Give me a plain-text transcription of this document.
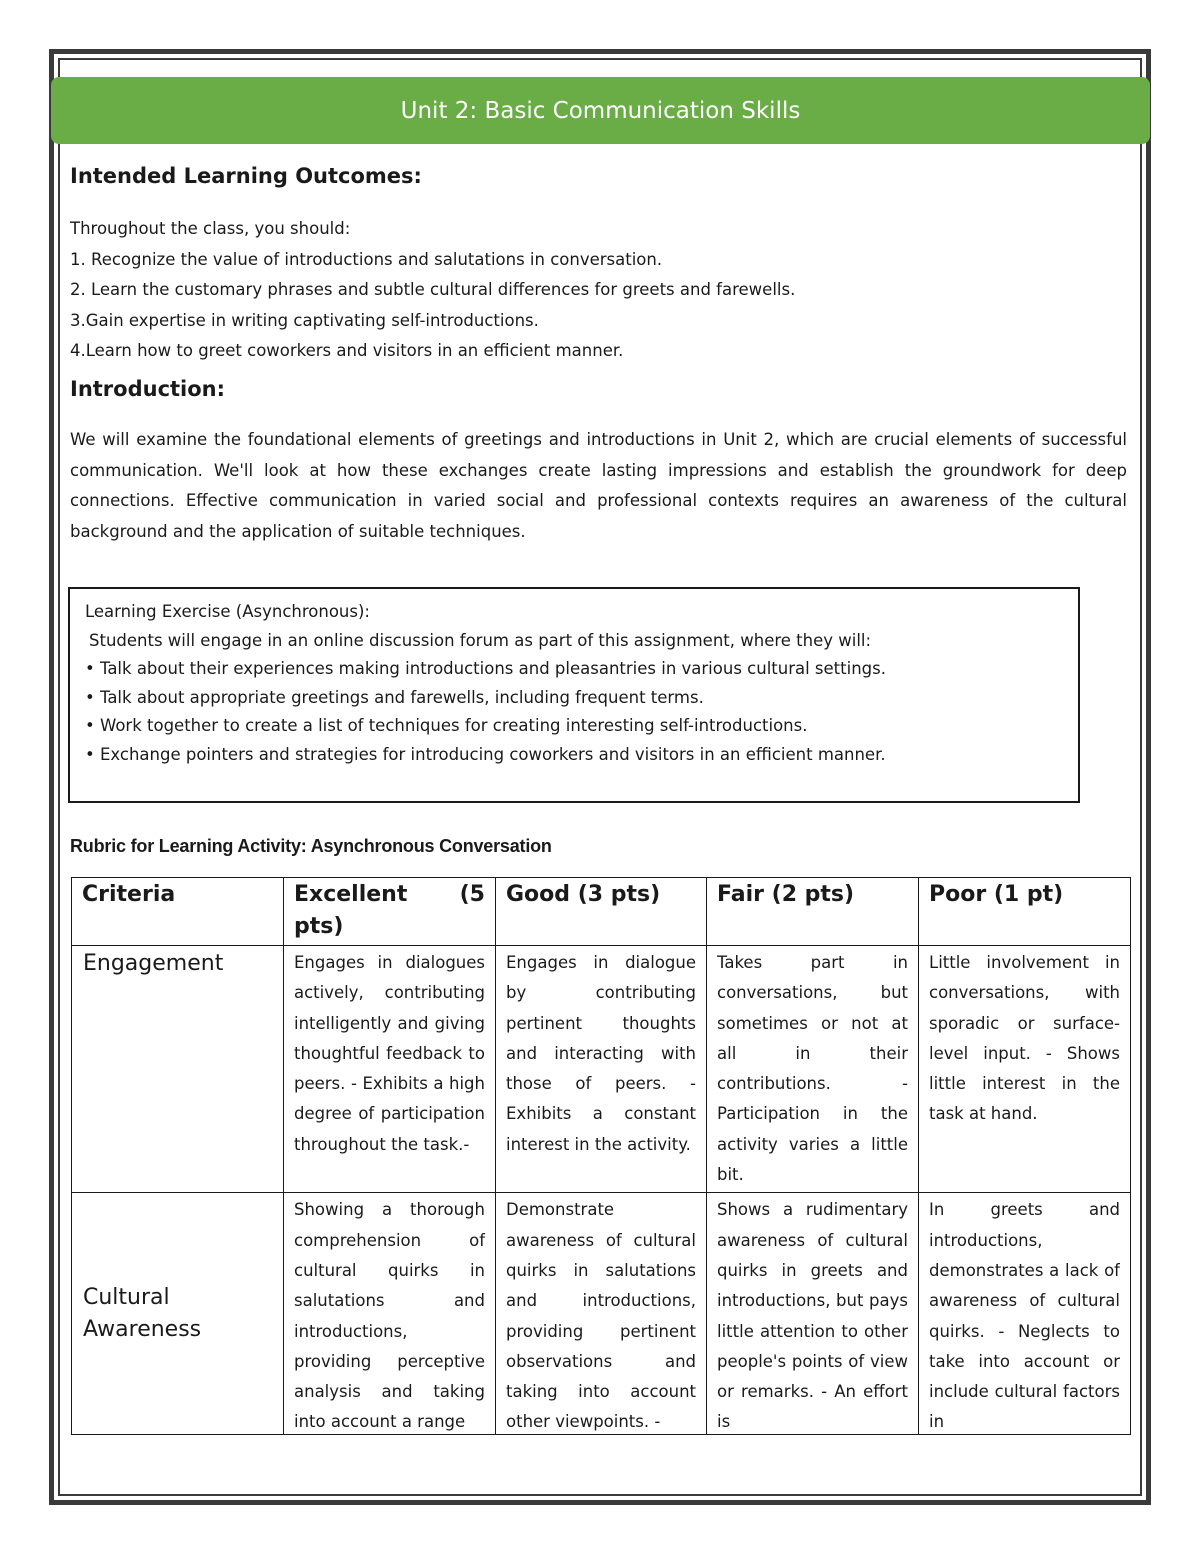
Unit 2: Basic Communication Skills
Intended Learning Outcomes:
Throughout the class, you should:
1. Recognize the value of introductions and salutations in conversation.
2. Learn the customary phrases and subtle cultural differences for greets and farewells.
3.Gain expertise in writing captivating self-introductions.
4.Learn how to greet coworkers and visitors in an efficient manner.
Introduction:
We will examine the foundational elements of greetings and introductions in Unit 2, which are crucial elements of successful communication. We'll look at how these exchanges create lasting impressions and establish the groundwork for deep connections. Effective communication in varied social and professional contexts requires an awareness of the cultural background and the application of suitable techniques.
Learning Exercise (Asynchronous):
Students will engage in an online discussion forum as part of this assignment, where they will:
• Talk about their experiences making introductions and pleasantries in various cultural settings.
• Talk about appropriate greetings and farewells, including frequent terms.
• Work together to create a list of techniques for creating interesting self-introductions.
• Exchange pointers and strategies for introducing coworkers and visitors in an efficient manner.
Rubric for Learning Activity: Asynchronous Conversation
Criteria	Excellent (5 pts)	Good (3 pts)	Fair (2 pts)	Poor (1 pt)
Engagement	Engages in dialogues actively, contributing intelligently and giving thoughtful feedback to peers. - Exhibits a high degree of participation throughout the task.-	Engages in dialogue by contributing pertinent thoughts and interacting with those of peers. - Exhibits a constant interest in the activity.	Takes part in conversations, but sometimes or not at all in their contributions. - Participation in the activity varies a little bit.	Little involvement in conversations, with sporadic or surface-level input. - Shows little interest in the task at hand.

Cultural Awareness	Showing a thorough comprehension of cultural quirks in salutations and introductions, providing perceptive analysis and taking into account a range	Demonstrate awareness of cultural quirks in salutations and introductions, providing pertinent observations and taking into account other viewpoints. -	Shows a rudimentary awareness of cultural quirks in greets and introductions, but pays little attention to other people's points of view or remarks. - An effort is	In greets and introductions, demonstrates a lack of awareness of cultural quirks. - Neglects to take into account or include cultural factors in
